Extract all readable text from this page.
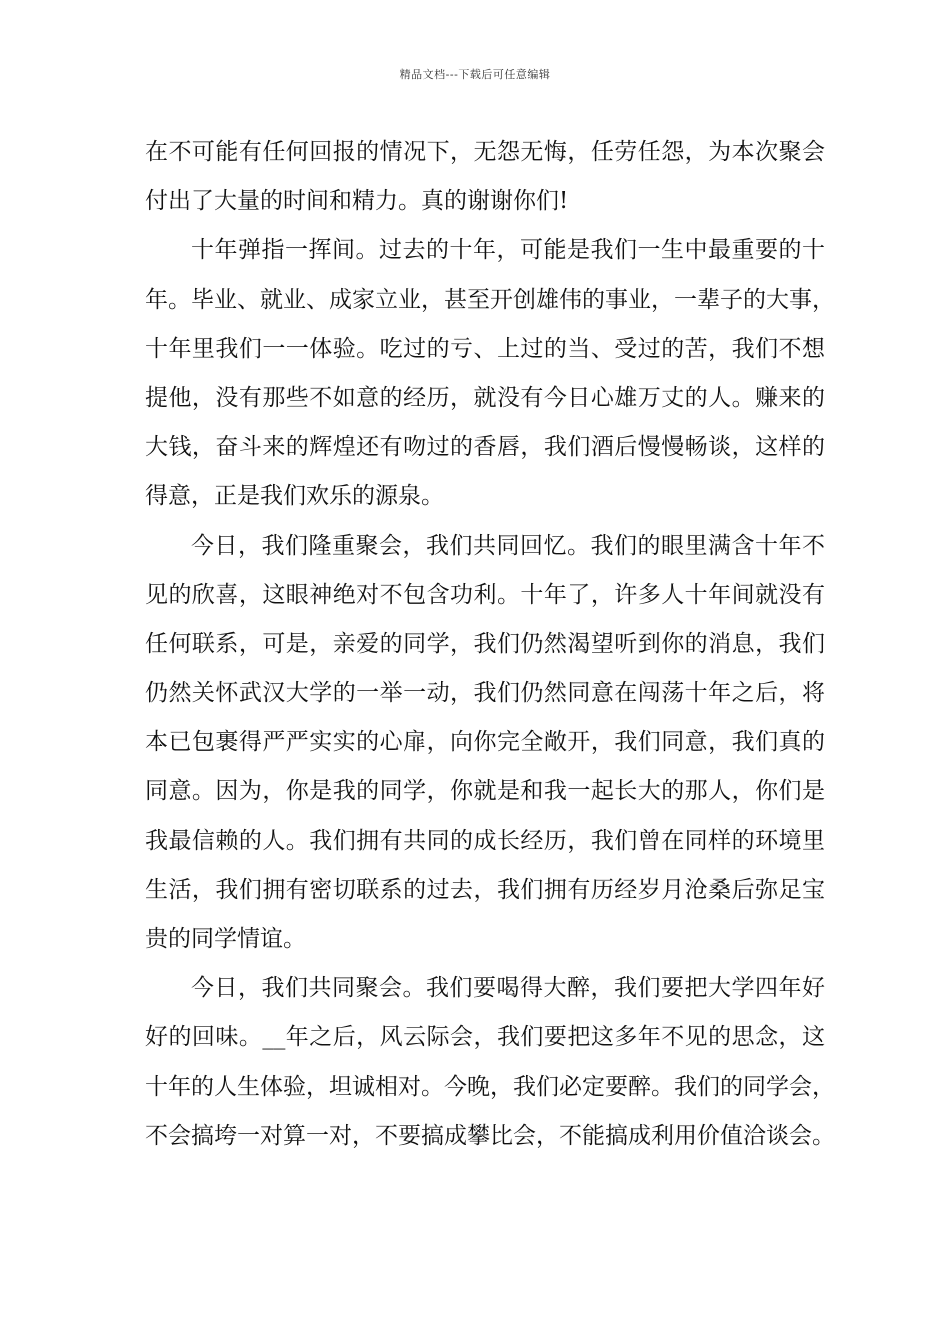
精品文档---下载后可任意编辑
在不可能有任何回报的情况下，无怨无悔，任劳任怨，为本次聚会
付出了大量的时间和精力。真的谢谢你们!
十年弹指一挥间。过去的十年，可能是我们一生中最重要的十
年。毕业、就业、成家立业，甚至开创雄伟的事业，一辈子的大事，
十年里我们一一体验。吃过的亏、上过的当、受过的苦，我们不想
提他，没有那些不如意的经历，就没有今日心雄万丈的人。赚来的
大钱，奋斗来的辉煌还有吻过的香唇，我们酒后慢慢畅谈，这样的
得意，正是我们欢乐的源泉。
今日，我们隆重聚会，我们共同回忆。我们的眼里满含十年不
见的欣喜，这眼神绝对不包含功利。十年了，许多人十年间就没有
任何联系，可是，亲爱的同学，我们仍然渴望听到你的消息，我们
仍然关怀武汉大学的一举一动，我们仍然同意在闯荡十年之后，将
本已包裹得严严实实的心扉，向你完全敞开，我们同意，我们真的
同意。因为，你是我的同学，你就是和我一起长大的那人，你们是
我最信赖的人。我们拥有共同的成长经历，我们曾在同样的环境里
生活，我们拥有密切联系的过去，我们拥有历经岁月沧桑后弥足宝
贵的同学情谊。
今日，我们共同聚会。我们要喝得大醉，我们要把大学四年好
好的回味。__年之后，风云际会，我们要把这多年不见的思念，这
十年的人生体验，坦诚相对。今晚，我们必定要醉。我们的同学会，
不会搞垮一对算一对，不要搞成攀比会，不能搞成利用价值洽谈会。
